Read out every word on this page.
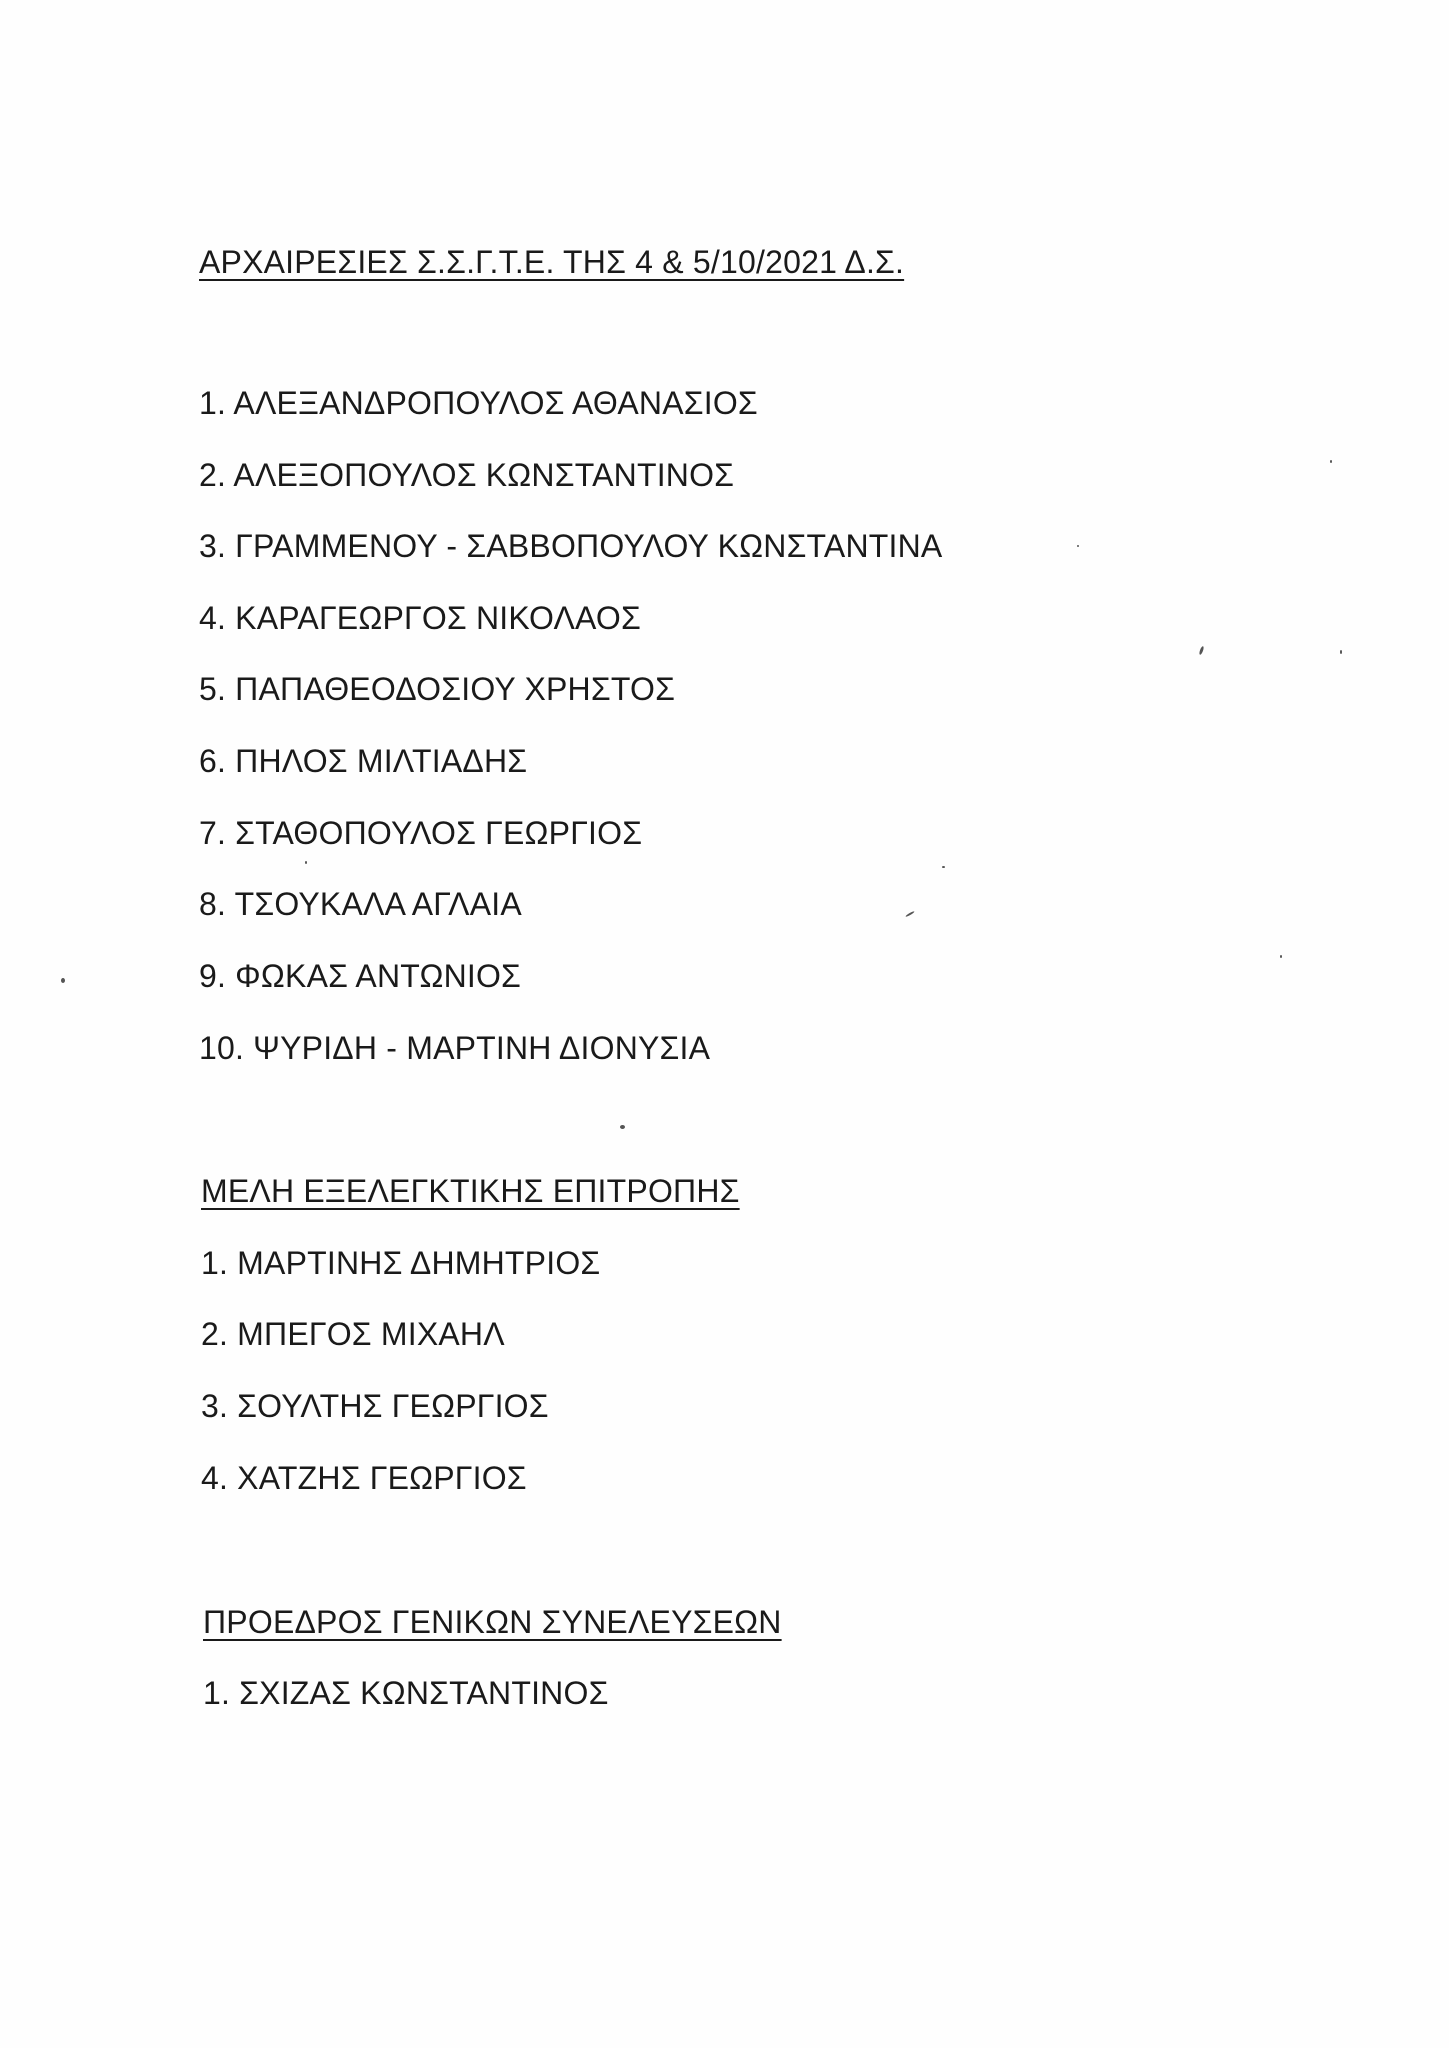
ΑΡΧΑΙΡΕΣΙΕΣ Σ.Σ.Γ.Τ.Ε. ΤΗΣ 4 & 5/10/2021 Δ.Σ.
1. ΑΛΕΞΑΝΔΡΟΠΟΥΛΟΣ ΑΘΑΝΑΣΙΟΣ
2. ΑΛΕΞΟΠΟΥΛΟΣ ΚΩΝΣΤΑΝΤΙΝΟΣ
3. ΓΡΑΜΜΕΝΟΥ - ΣΑΒΒΟΠΟΥΛΟΥ ΚΩΝΣΤΑΝΤΙΝΑ
4. ΚΑΡΑΓΕΩΡΓΟΣ ΝΙΚΟΛΑΟΣ
5. ΠΑΠΑΘΕΟΔΟΣΙΟΥ ΧΡΗΣΤΟΣ
6. ΠΗΛΟΣ ΜΙΛΤΙΑΔΗΣ
7. ΣΤΑΘΟΠΟΥΛΟΣ ΓΕΩΡΓΙΟΣ
8. ΤΣΟΥΚΑΛΑ ΑΓΛΑΙΑ
9. ΦΩΚΑΣ ΑΝΤΩΝΙΟΣ
10. ΨΥΡΙΔΗ - ΜΑΡΤΙΝΗ ΔΙΟΝΥΣΙΑ
ΜΕΛΗ ΕΞΕΛΕΓΚΤΙΚΗΣ ΕΠΙΤΡΟΠΗΣ
1. ΜΑΡΤΙΝΗΣ ΔΗΜΗΤΡΙΟΣ
2. ΜΠΕΓΟΣ ΜΙΧΑΗΛ
3. ΣΟΥΛΤΗΣ ΓΕΩΡΓΙΟΣ
4. ΧΑΤΖΗΣ ΓΕΩΡΓΙΟΣ
ΠΡΟΕΔΡΟΣ ΓΕΝΙΚΩΝ ΣΥΝΕΛΕΥΣΕΩΝ
1. ΣΧΙΖΑΣ ΚΩΝΣΤΑΝΤΙΝΟΣ
